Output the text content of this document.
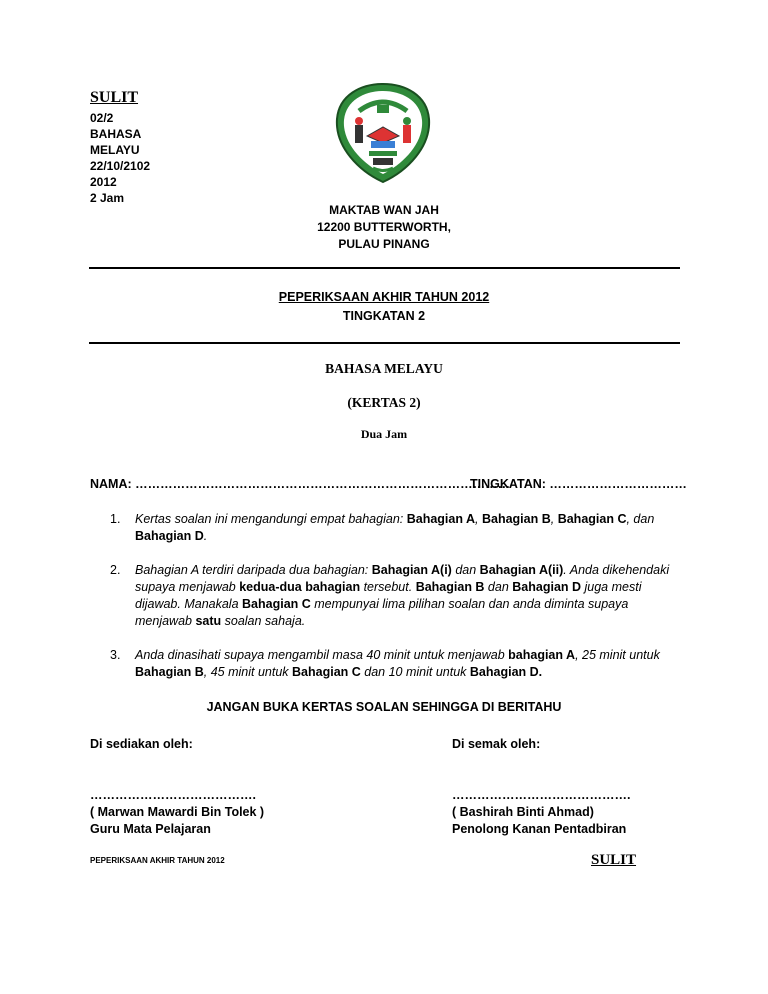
SULIT
02/2
BAHASA
MELAYU
22/10/2102
2012
2 Jam
MAKTAB WAN JAH
12200 BUTTERWORTH,
PULAU PINANG
PEPERIKSAAN AKHIR TAHUN 2012
TINGKATAN 2
BAHASA MELAYU
(KERTAS 2)
Dua Jam
NAMA: ………………………………………………………………………………
TINGKATAN: ……………………………
1.	Kertas soalan ini mengandungi empat bahagian: Bahagian A, Bahagian B, Bahagian C, dan Bahagian D.
2.	Bahagian A terdiri daripada dua bahagian: Bahagian A(i) dan Bahagian A(ii). Anda dikehendaki supaya menjawab kedua-dua bahagian tersebut. Bahagian B dan Bahagian D juga mesti dijawab. Manakala Bahagian C mempunyai lima pilihan soalan dan anda diminta supaya menjawab satu soalan sahaja.
3.	Anda dinasihati supaya mengambil masa 40 minit untuk menjawab bahagian A, 25 minit untuk Bahagian B, 45 minit untuk Bahagian C dan 10 minit untuk Bahagian D.
JANGAN BUKA KERTAS SOALAN SEHINGGA DI BERITAHU
Di sediakan oleh:
………………………………….
( Marwan Mawardi Bin Tolek )
Guru Mata Pelajaran
Di semak oleh:
…………………………………….
( Bashirah Binti Ahmad)
Penolong Kanan Pentadbiran
PEPERIKSAAN AKHIR TAHUN 2012	SULIT
